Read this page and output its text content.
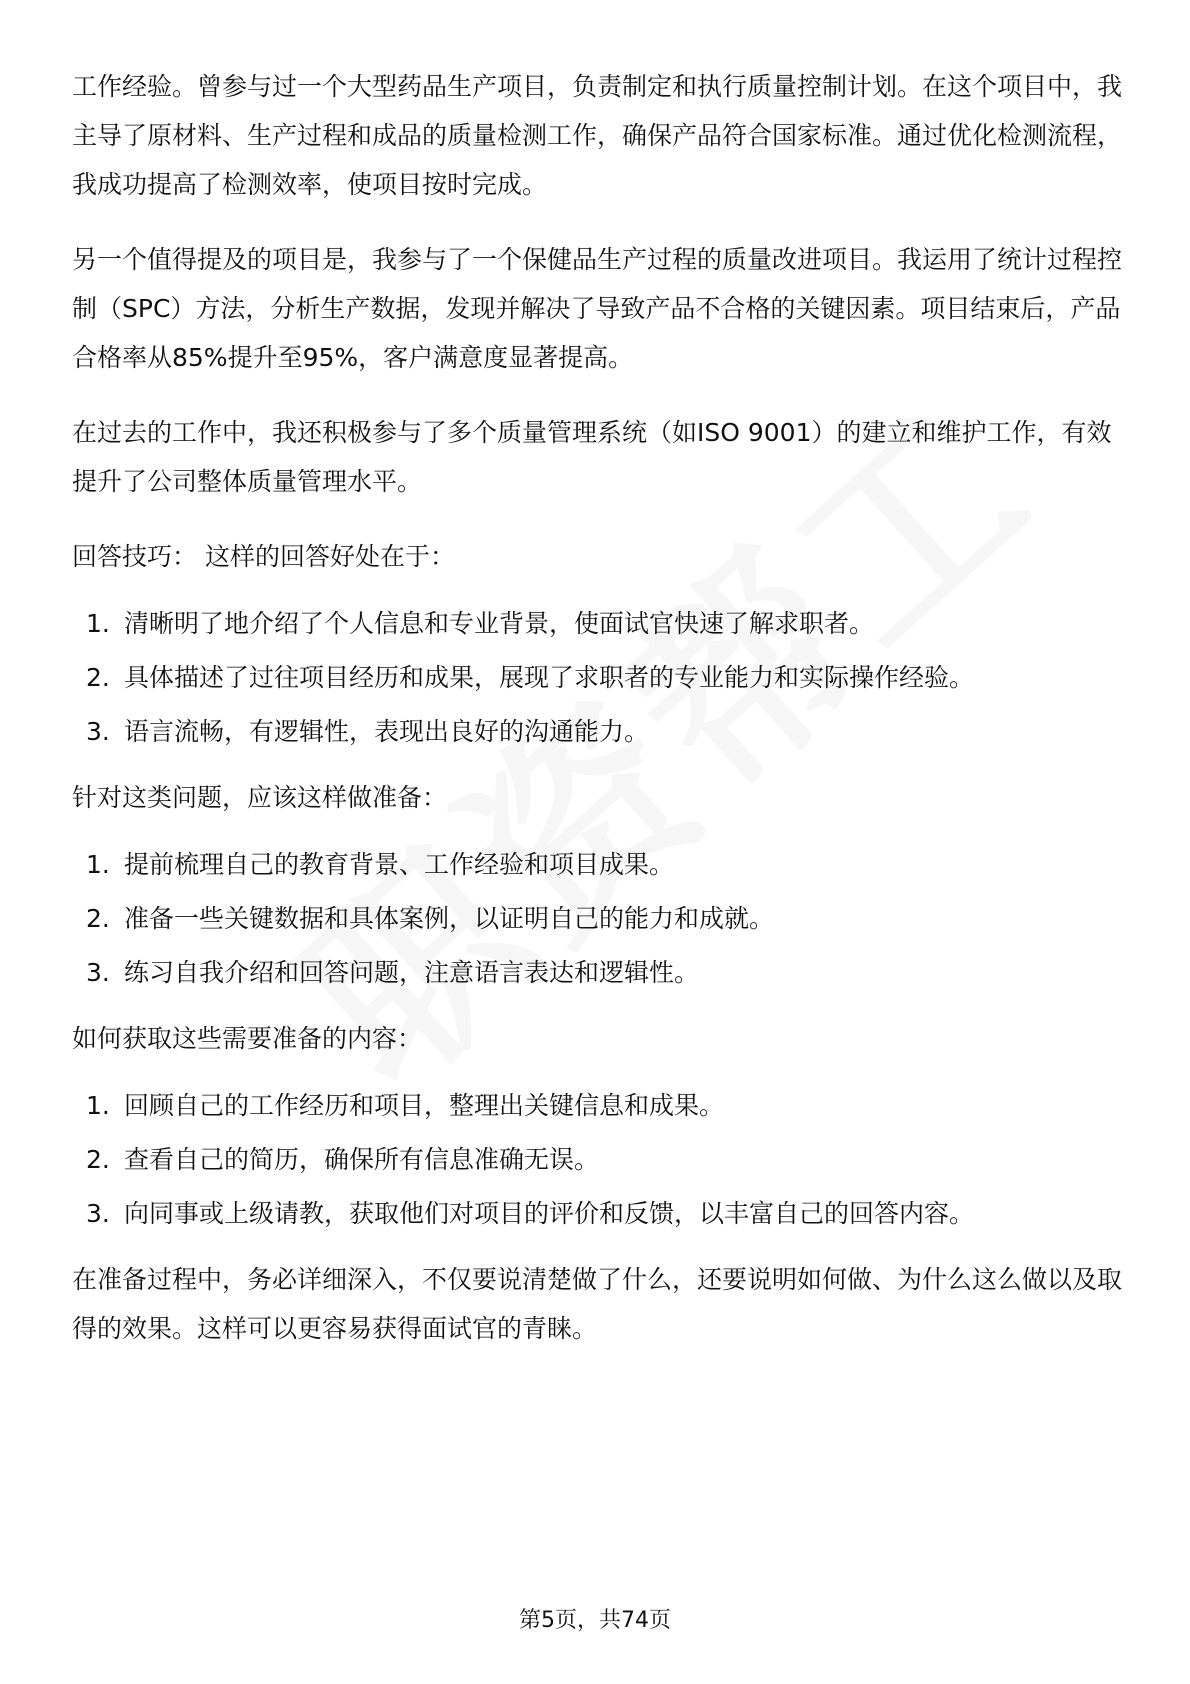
工作经验。曾参与过一个大型药品生产项目，负责制定和执行质量控制计划。在这个项目中，我主导了原材料、生产过程和成品的质量检测工作，确保产品符合国家标准。通过优化检测流程，我成功提高了检测效率，使项目按时完成。

另一个值得提及的项目是，我参与了一个保健品生产过程的质量改进项目。我运用了统计过程控制（SPC）方法，分析生产数据，发现并解决了导致产品不合格的关键因素。项目结束后，产品合格率从85%提升至95%，客户满意度显著提高。

在过去的工作中，我还积极参与了多个质量管理系统（如ISO 9001）的建立和维护工作，有效提升了公司整体质量管理水平。

回答技巧： 这样的回答好处在于：

1. 清晰明了地介绍了个人信息和专业背景，使面试官快速了解求职者。
2. 具体描述了过往项目经历和成果，展现了求职者的专业能力和实际操作经验。
3. 语言流畅，有逻辑性，表现出良好的沟通能力。

针对这类问题，应该这样做准备：

1. 提前梳理自己的教育背景、工作经验和项目成果。
2. 准备一些关键数据和具体案例，以证明自己的能力和成就。
3. 练习自我介绍和回答问题，注意语言表达和逻辑性。

如何获取这些需要准备的内容：

1. 回顾自己的工作经历和项目，整理出关键信息和成果。
2. 查看自己的简历，确保所有信息准确无误。
3. 向同事或上级请教，获取他们对项目的评价和反馈，以丰富自己的回答内容。

在准备过程中，务必详细深入，不仅要说清楚做了什么，还要说明如何做、为什么这么做以及取得的效果。这样可以更容易获得面试官的青睐。

第5页，共74页
